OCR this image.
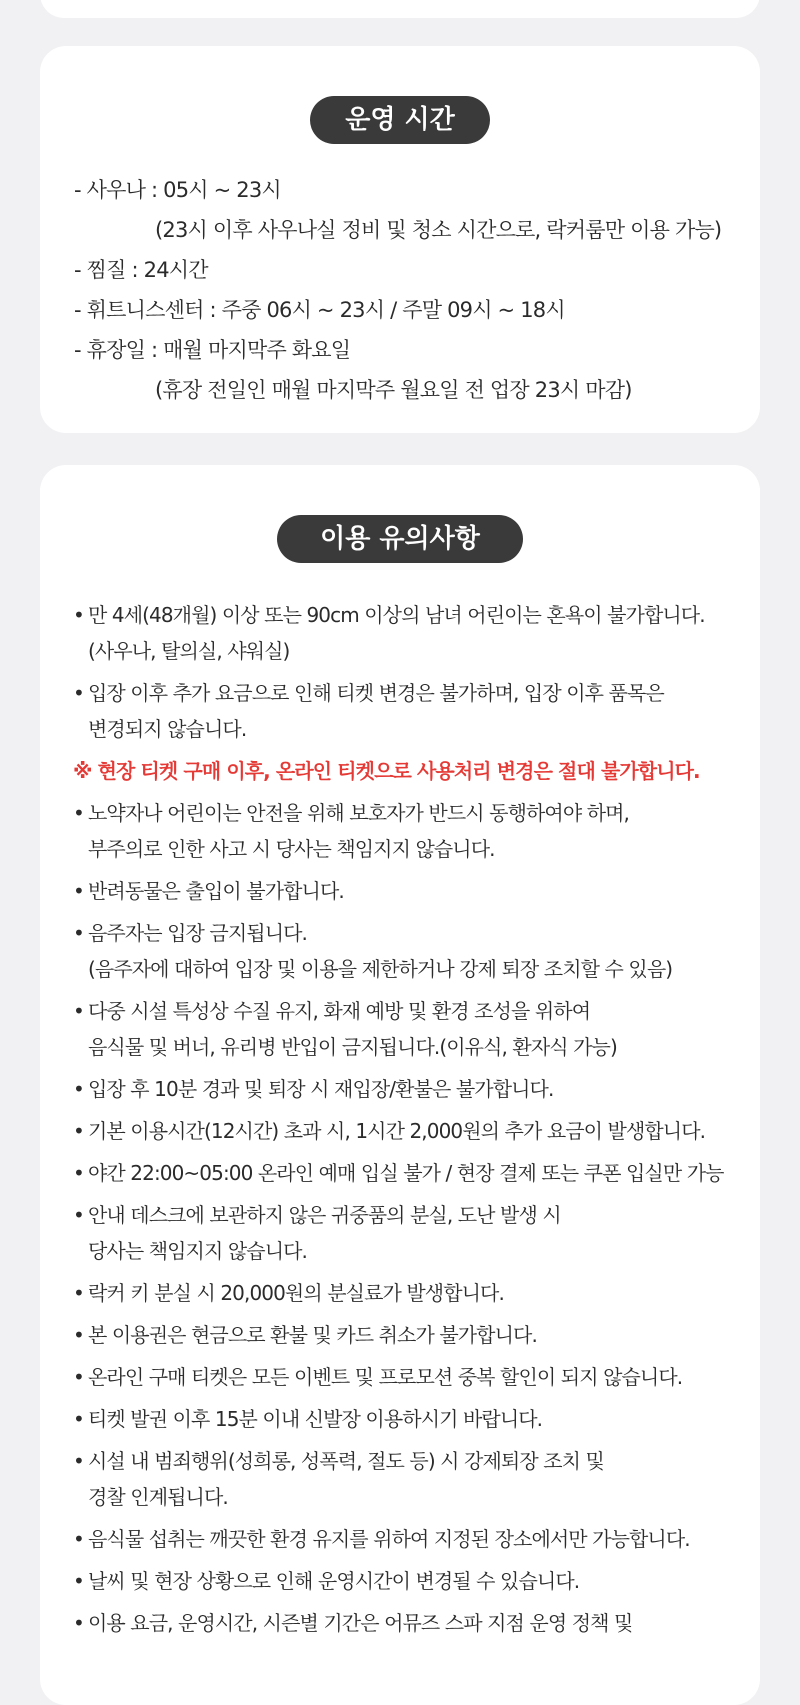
운영 시간
- 사우나 : 05시 ~ 23시
(23시 이후 사우나실 정비 및 청소 시간으로, 락커룸만 이용 가능)
- 찜질 : 24시간
- 휘트니스센터 : 주중 06시 ~ 23시 / 주말 09시 ~ 18시
- 휴장일 : 매월 마지막주 화요일
(휴장 전일인 매월 마지막주 월요일 전 업장 23시 마감)
이용 유의사항
• 만 4세(48개월) 이상 또는 90cm 이상의 남녀 어린이는 혼욕이 불가합니다.
(사우나, 탈의실, 샤워실)
• 입장 이후 추가 요금으로 인해 티켓 변경은 불가하며, 입장 이후 품목은
변경되지 않습니다.
※ 현장 티켓 구매 이후, 온라인 티켓으로 사용처리 변경은 절대 불가합니다.
• 노약자나 어린이는 안전을 위해 보호자가 반드시 동행하여야 하며,
부주의로 인한 사고 시 당사는 책임지지 않습니다.
• 반려동물은 출입이 불가합니다.
• 음주자는 입장 금지됩니다.
(음주자에 대하여 입장 및 이용을 제한하거나 강제 퇴장 조치할 수 있음)
• 다중 시설 특성상 수질 유지, 화재 예방 및 환경 조성을 위하여
음식물 및 버너, 유리병 반입이 금지됩니다.(이유식, 환자식 가능)
• 입장 후 10분 경과 및 퇴장 시 재입장/환불은 불가합니다.
• 기본 이용시간(12시간) 초과 시, 1시간 2,000원의 추가 요금이 발생합니다.
• 야간 22:00~05:00 온라인 예매 입실 불가 / 현장 결제 또는 쿠폰 입실만 가능
• 안내 데스크에 보관하지 않은 귀중품의 분실, 도난 발생 시
당사는 책임지지 않습니다.
• 락커 키 분실 시 20,000원의 분실료가 발생합니다.
• 본 이용권은 현금으로 환불 및 카드 취소가 불가합니다.
• 온라인 구매 티켓은 모든 이벤트 및 프로모션 중복 할인이 되지 않습니다.
• 티켓 발권 이후 15분 이내 신발장 이용하시기 바랍니다.
• 시설 내 범죄행위(성희롱, 성폭력, 절도 등) 시 강제퇴장 조치 및
경찰 인계됩니다.
• 음식물 섭취는 깨끗한 환경 유지를 위하여 지정된 장소에서만 가능합니다.
• 날씨 및 현장 상황으로 인해 운영시간이 변경될 수 있습니다.
• 이용 요금, 운영시간, 시즌별 기간은 어뮤즈 스파 지점 운영 정책 및
